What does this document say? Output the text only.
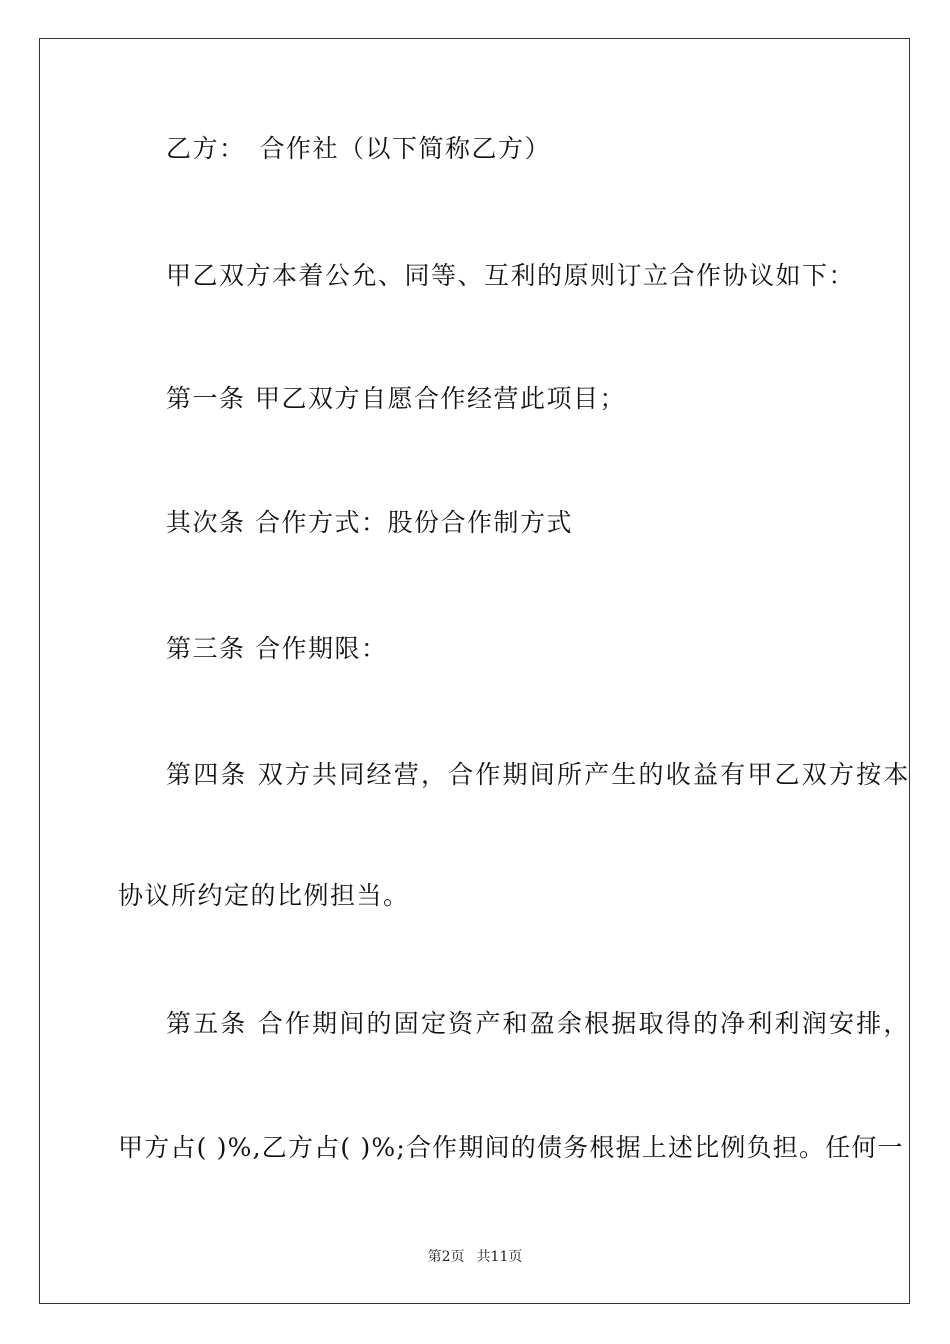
乙方：　合作社（以下简称乙方）
甲乙双方本着公允、同等、互利的原则订立合作协议如下：
第一条 甲乙双方自愿合作经营此项目；
其次条 合作方式：股份合作制方式
第三条 合作期限：
第四条 双方共同经营，合作期间所产生的收益有甲乙双方按本
协议所约定的比例担当。
第五条 合作期间的固定资产和盈余根据取得的净利利润安排，
甲方占( )%,乙方占( )%;合作期间的债务根据上述比例负担。任何一
第2页 共11页
